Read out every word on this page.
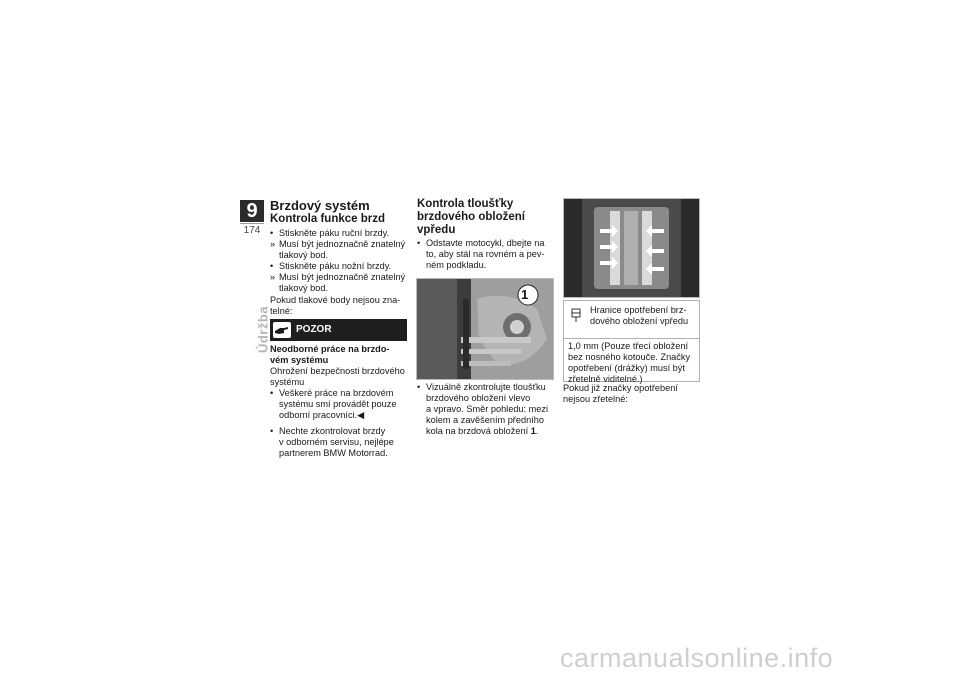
9
174
Údržba
Brzdový systém
Kontrola funkce brzd
• Stiskněte páku ruční brzdy.
» Musí být jednoznačně znatelný
tlakový bod.
• Stiskněte páku nožní brzdy.
» Musí být jednoznačně znatelný
tlakový bod.
Pokud tlakové body nejsou zna-
telné:
POZOR
Neodborné práce na brzdo-
vém systému
Ohrožení bezpečnosti brzdového
systému
• Veškeré práce na brzdovém
systému smí provádět pouze
odborní pracovníci.◀
• Nechte zkontrolovat brzdy
v odborném servisu, nejlépe
partnerem BMW Motorrad.
Kontrola tloušťky
brzdového obložení
vpředu
• Odstavte motocykl, dbejte na
to, aby stál na rovném a pev-
ném podkladu.
1
• Vizuálně zkontrolujte tloušťku
brzdového obložení vlevo
a vpravo. Směr pohledu: mezi
kolem a zavěšením předního
kola na brzdová obložení 1.
Hranice opotřebení brz-
dového obložení vpředu
1,0 mm (Pouze třecí obložení
bez nosného kotouče. Značky
opotřebení (drážky) musí být
zřetelně viditelné.)
Pokud již značky opotřebení
nejsou zřetelné:
carmanualsonline.info
